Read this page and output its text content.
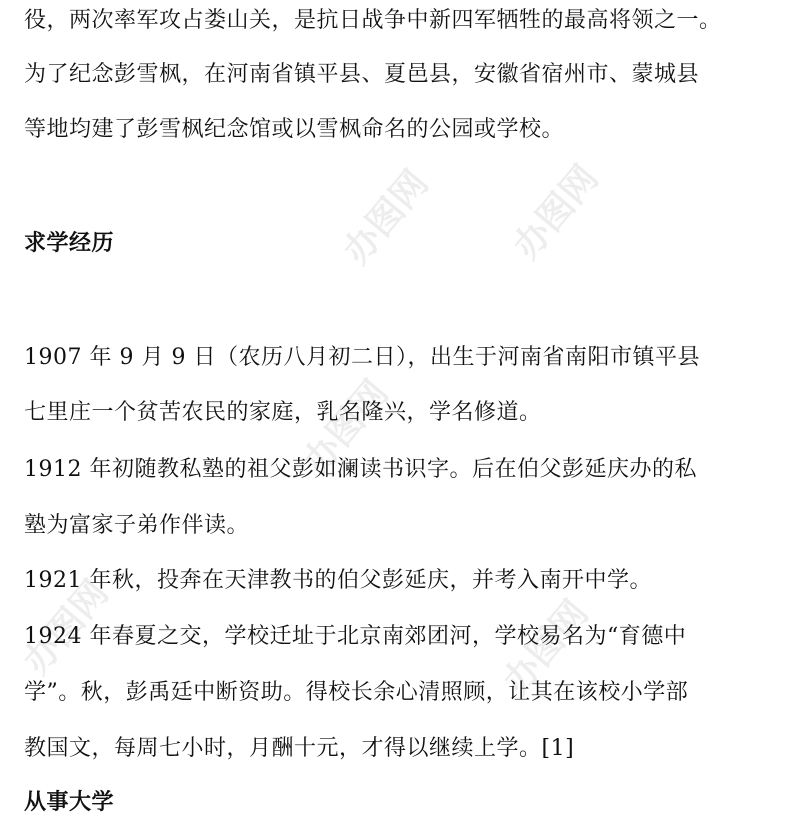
办图网 办图网
办图网
办图网	办图网
役，两次率军攻占娄山关，是抗日战争中新四军牺牲的最高将领之一。
为了纪念彭雪枫，在河南省镇平县、夏邑县，安徽省宿州市、蒙城县
等地均建了彭雪枫纪念馆或以雪枫命名的公园或学校。
求学经历
1907 年 9 月 9 日（农历八月初二日），出生于河南省南阳市镇平县
七里庄一个贫苦农民的家庭，乳名隆兴，学名修道。
1912 年初随教私塾的祖父彭如澜读书识字。后在伯父彭延庆办的私
塾为富家子弟作伴读。
1921 年秋，投奔在天津教书的伯父彭延庆，并考入南开中学。
1924 年春夏之交，学校迁址于北京南郊团河，学校易名为“育德中
学”。秋，彭禹廷中断资助。得校长余心清照顾，让其在该校小学部
教国文，每周七小时，月酬十元，才得以继续上学。[1]
从事大学
